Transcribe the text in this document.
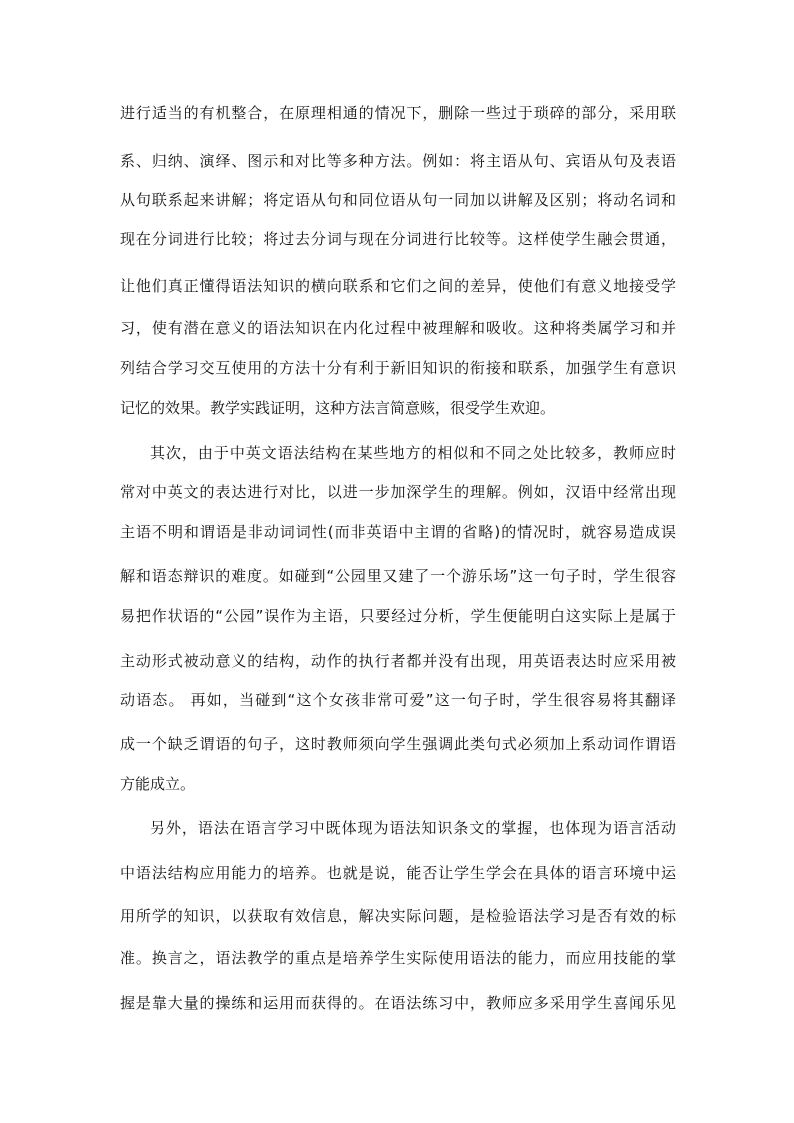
进行适当的有机整合，在原理相通的情况下，删除一些过于琐碎的部分，采用联
系、归纳、演绎、图示和对比等多种方法。例如：将主语从句、宾语从句及表语
从句联系起来讲解；将定语从句和同位语从句一同加以讲解及区别；将动名词和
现在分词进行比较；将过去分词与现在分词进行比较等。这样使学生融会贯通，
让他们真正懂得语法知识的横向联系和它们之间的差异，使他们有意义地接受学
习，使有潜在意义的语法知识在内化过程中被理解和吸收。这种将类属学习和并
列结合学习交互使用的方法十分有利于新旧知识的衔接和联系，加强学生有意识
记忆的效果。教学实践证明，这种方法言简意赅，很受学生欢迎。
其次，由于中英文语法结构在某些地方的相似和不同之处比较多，教师应时
常对中英文的表达进行对比，以进一步加深学生的理解。例如，汉语中经常出现
主语不明和谓语是非动词词性(而非英语中主谓的省略)的情况时，就容易造成误
解和语态辩识的难度。如碰到“公园里又建了一个游乐场”这一句子时，学生很容
易把作状语的“公园”误作为主语，只要经过分析，学生便能明白这实际上是属于
主动形式被动意义的结构，动作的执行者都并没有出现，用英语表达时应采用被
动语态。 再如，当碰到“这个女孩非常可爱”这一句子时，学生很容易将其翻译
成一个缺乏谓语的句子，这时教师须向学生强调此类句式必须加上系动词作谓语
方能成立。
另外，语法在语言学习中既体现为语法知识条文的掌握，也体现为语言活动
中语法结构应用能力的培养。也就是说，能否让学生学会在具体的语言环境中运
用所学的知识，以获取有效信息，解决实际问题，是检验语法学习是否有效的标
准。换言之，语法教学的重点是培养学生实际使用语法的能力，而应用技能的掌
握是靠大量的操练和运用而获得的。在语法练习中，教师应多采用学生喜闻乐见
